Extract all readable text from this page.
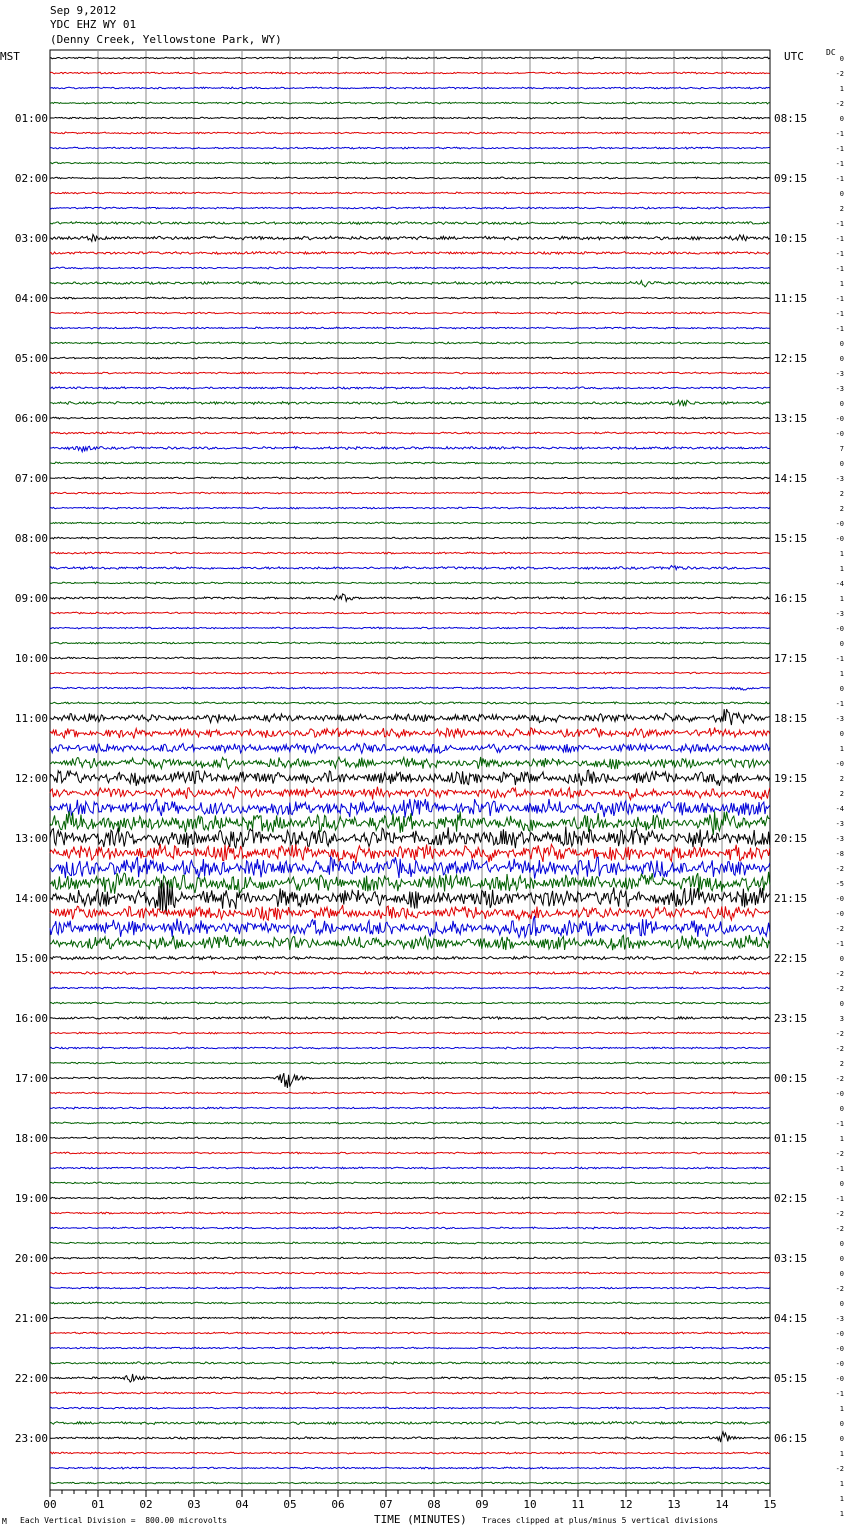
01:00
02:00
03:00
04:00
05:00
06:00
07:00
08:00
09:00
10:00
11:00
12:00
13:00
14:00
15:00
16:00
17:00
18:00
19:00
20:00
21:00
22:00
23:00
08:15
09:15
10:15
11:15
12:15
13:15
14:15
15:15
16:15
17:15
18:15
19:15
20:15
21:15
22:15
23:15
00:15
01:15
02:15
03:15
04:15
05:15
06:15
0
-2
1
-2
0
-1
-1
-1
-1
0
2
-1
-1
-1
-1
1
-1
-1
-1
0
0
-3
-3
0
-0
-0
7
0
-3
2
2
-0
-0
1
1
-4
1
-3
-0
0
-1
1
0
-1
-3
0
1
-0
2
2
-4
-3
-3
-8
-2
-5
-0
-0
-2
-1
0
-2
-2
0
3
-2
-2
2
-2
-0
0
-1
1
-2
-1
0
-1
-2
-2
0
0
0
-2
0
-3
-0
-0
-0
-0
-1
1
0
0
1
-2
1
1
1
00	01	02	03	04	05	06	07	08	09	10	11	12	13	14	15
Sep 9,2012
YDC EHZ WY 01
(Denny Creek, Yellowstone Park, WY)
MST	UTC	DC
M Each Vertical Division =  800.00 microvolts	TIME (MINUTES) Traces clipped at plus/minus 5 vertical divisions
